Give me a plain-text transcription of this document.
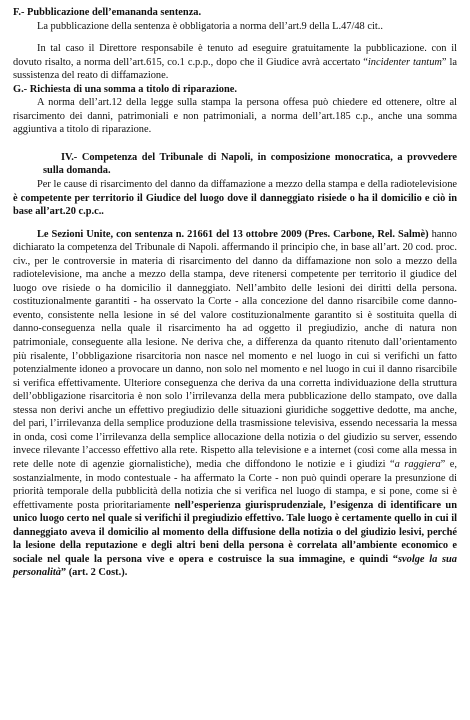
F.- Pubblicazione dell’emananda sentenza.

La pubblicazione della sentenza è obbligatoria a norma dell’art.9 della L.47/48 cit..

In tal caso il Direttore responsabile è tenuto ad eseguire gratuitamente la pubblicazione. con il dovuto risalto, a norma dell’art.615, co.1 c.p.p., dopo che il Giudice avrà accertato “incidenter tantum” la sussistenza del reato di diffamazione.

G.- Richiesta di una somma a titolo di riparazione.

A norma dell’art.12 della legge sulla stampa la persona offesa può chiedere ed ottenere, oltre al risarcimento dei danni, patrimoniali e non patrimoniali, a norma dell’art.185 c.p., anche una somma aggiuntiva a titolo di riparazione.

IV.- Competenza del Tribunale di Napoli, in composizione monocratica, a provvedere sulla domanda.

Per le cause di risarcimento del danno da diffamazione a mezzo della stampa e della radiotelevisione è competente per territorio il Giudice del luogo dove il danneggiato risiede o ha il domicilio e ciò in base all’art.20 c.p.c..

Le Sezioni Unite, con sentenza n. 21661 del 13 ottobre 2009 (Pres. Carbone, Rel. Salmè) hanno dichiarato la competenza del Tribunale di Napoli. affermando il principio che, in base all’art. 20 cod. proc. civ., per le controversie in materia di risarcimento del danno da diffamazione non solo a mezzo della radiotelevisione, ma anche a mezzo della stampa, deve ritenersi competente per territorio il giudice del luogo ove risiede o ha domicilio il danneggiato. Nell’ambito delle lesioni dei diritti della persona. costituzionalmente garantiti - ha osservato la Corte - alla concezione del danno risarcibile come danno-evento, consistente nella lesione in sé del valore costituzionalmente garantito si è sostituita quella di danno-conseguenza nella quale il risarcimento ha ad oggetto il pregiudizio, anche di natura non patrimoniale, conseguente alla lesione. Ne deriva che, a differenza da quanto ritenuto dall’orientamento più risalente, l’obbligazione risarcitoria non nasce nel momento e nel luogo in cui si verifichi un fatto potenzialmente idoneo a provocare un danno, non solo nel momento e nel luogo in cui il danno risarcibile si verifica effettivamente. Ulteriore conseguenza che deriva da una corretta individuazione della struttura dell’obbligazione risarcitoria è non solo l’irrilevanza della mera pubblicazione dello stampato, ove dalla stessa non derivi anche un effettivo pregiudizio delle situazioni giuridiche soggettive dedotte, ma anche, del pari, l’irrilevanza della semplice produzione della trasmissione televisiva, essendo necessaria la messa in onda, così come l’irrilevanza della semplice allocazione della notizia o del giudizio su server, essendo invece rilevante l’accesso effettivo alla rete. Rispetto alla televisione e a internet (così come alla messa in rete delle note di agenzie giornalistiche), media che diffondono le notizie e i giudizi “a raggiera” e, sostanzialmente, in modo contestuale - ha affermato la Corte - non può quindi operare la presunzione di priorità temporale della pubblicità della notizia che si verifica nel luogo di stampa, e si pone, come si è effettivamente posta prioritariamente nell’esperienza giurisprudenziale, l’esigenza di identificare un unico luogo certo nel quale si verifichi il pregiudizio effettivo. Tale luogo è certamente quello in cui il danneggiato aveva il domicilio al momento della diffusione della notizia o del giudizio lesivi, perché la lesione della reputazione e degli altri beni della persona è correlata all’ambiente economico e sociale nel quale la persona vive e opera e costruisce la sua immagine, e quindi “svolge la sua personalità” (art. 2 Cost.).
